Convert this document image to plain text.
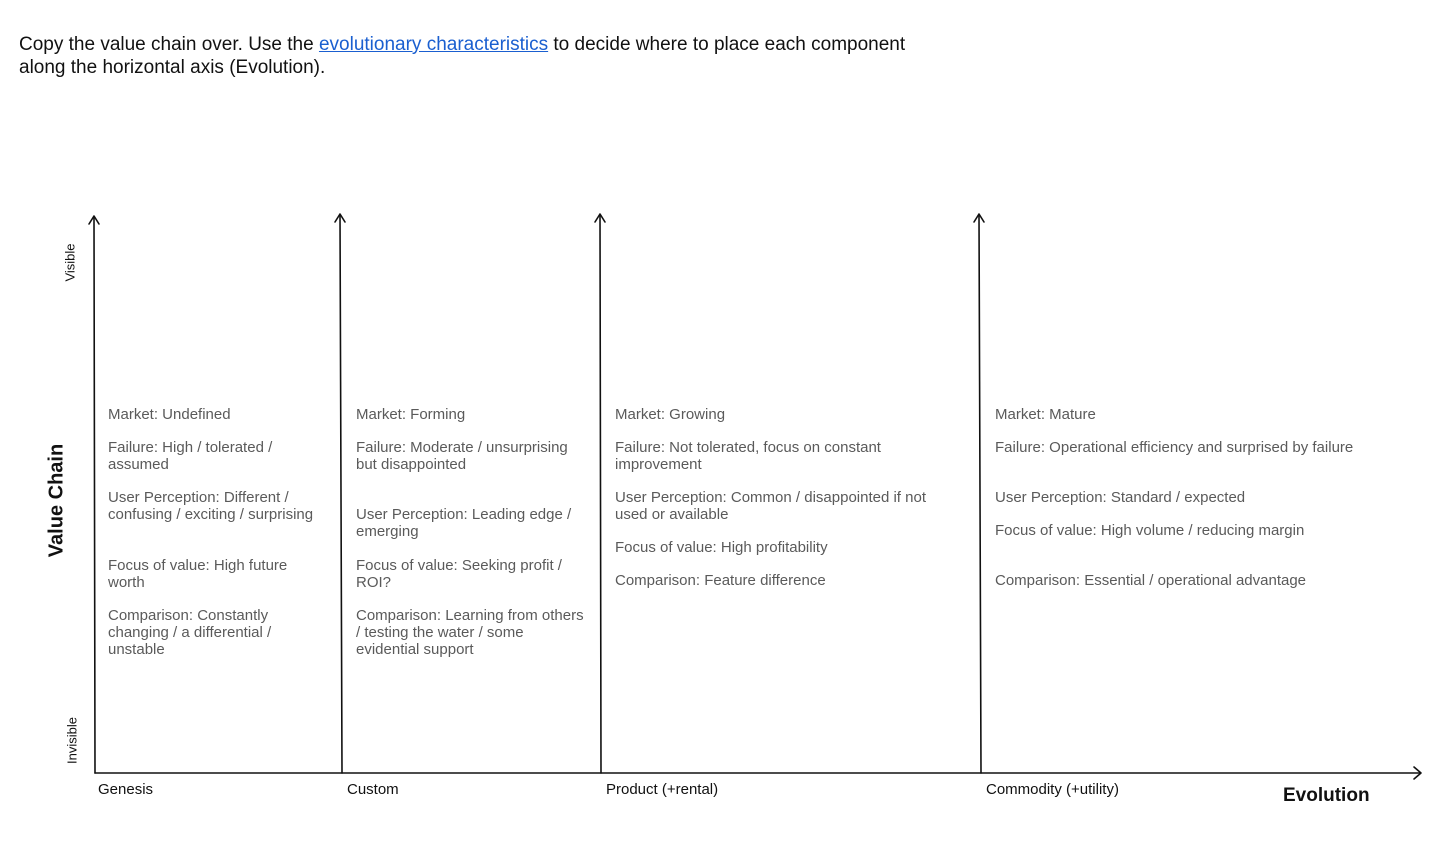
Copy the value chain over. Use the evolutionary characteristics to decide where to place each component along the horizontal axis (Evolution).

Value Chain
Visible
Invisible
Genesis	Custom	Product (+rental)	Commodity (+utility)	Evolution
Market: Undefined
Failure: High / tolerated / assumed
User Perception: Different / confusing / exciting / surprising
Focus of value: High future worth
Comparison: Constantly changing / a differential / unstable
Market: Forming
Failure: Moderate / unsurprising but disappointed
User Perception: Leading edge / emerging
Focus of value: Seeking profit / ROI?
Comparison: Learning from others / testing the water / some evidential support
Market: Growing
Failure: Not tolerated, focus on constant improvement
User Perception: Common / disappointed if not used or available
Focus of value: High profitability
Comparison: Feature difference
Market: Mature
Failure: Operational efficiency and surprised by failure
User Perception: Standard / expected
Focus of value: High volume / reducing margin
Comparison: Essential / operational advantage
